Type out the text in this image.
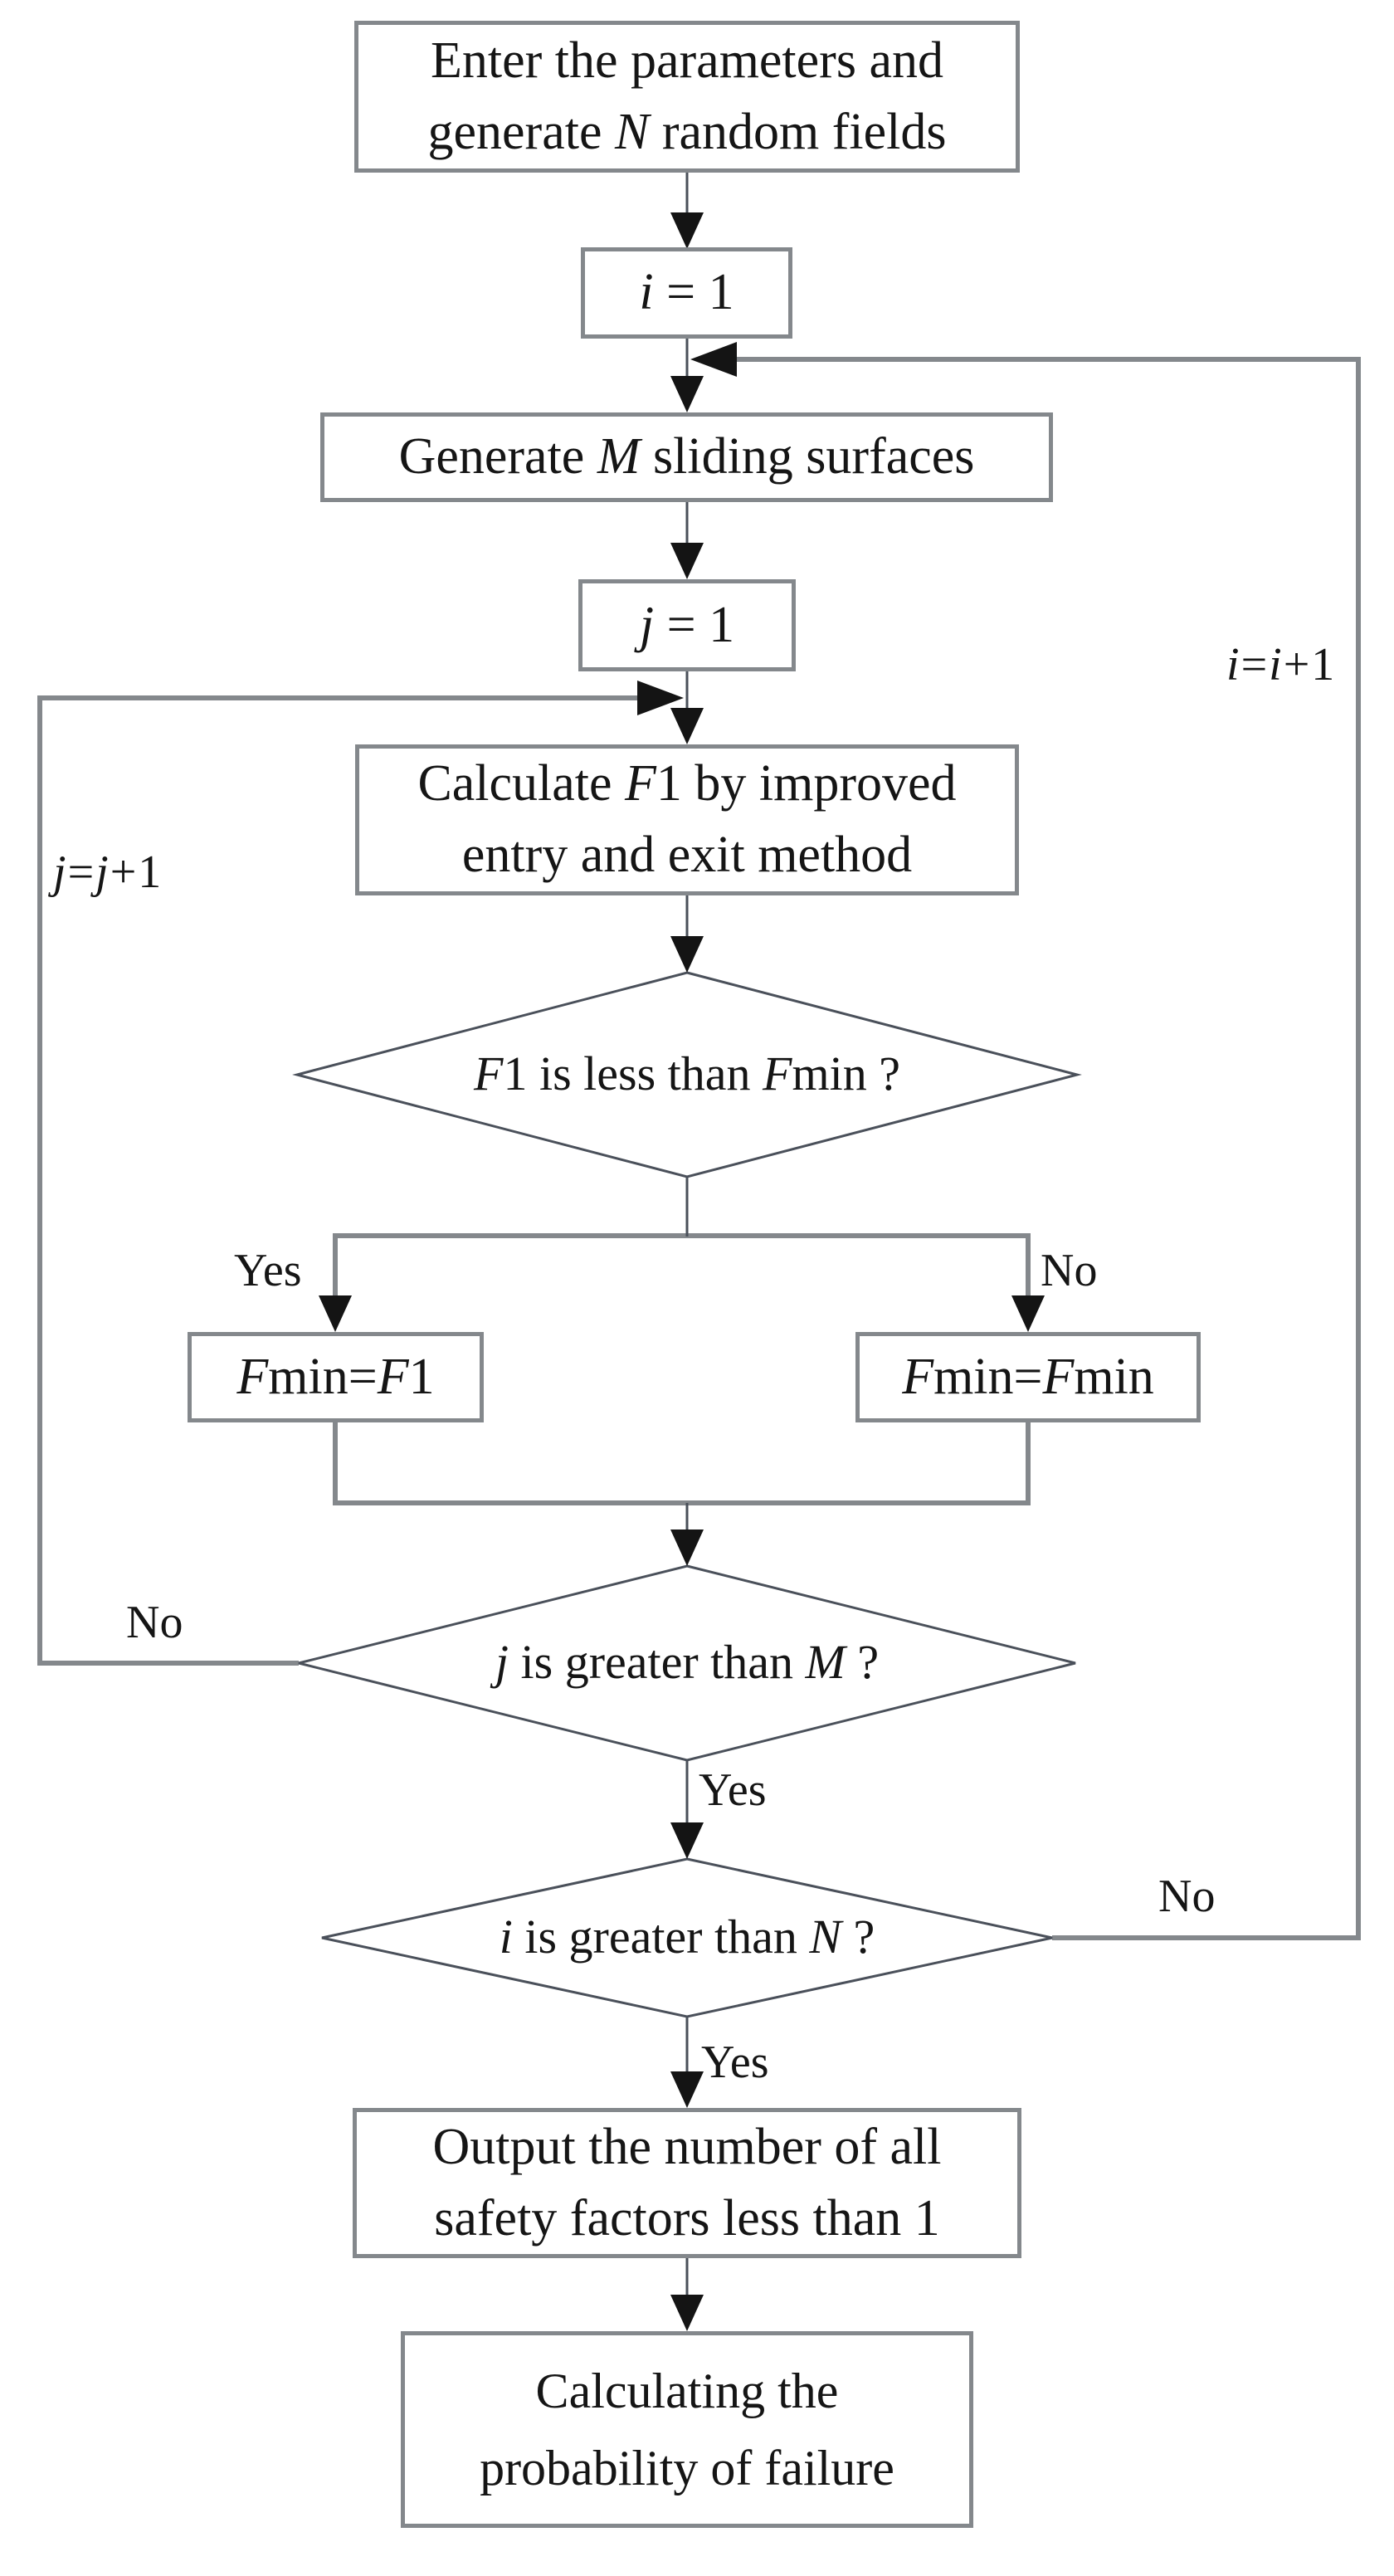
Enter the parameters and
generate N random fields
i = 1
Generate M sliding surfaces
j = 1
Calculate F1 by improved
entry and exit method
Fmin=F1	Fmin=Fmin
Output the number of all
safety factors less than 1
Calculating the
probability of failure
F1 is less than Fmin ?
j is greater than M ?
i is greater than N ?
Yes	No
No
Yes
No
Yes
j=j+1
i=i+1
